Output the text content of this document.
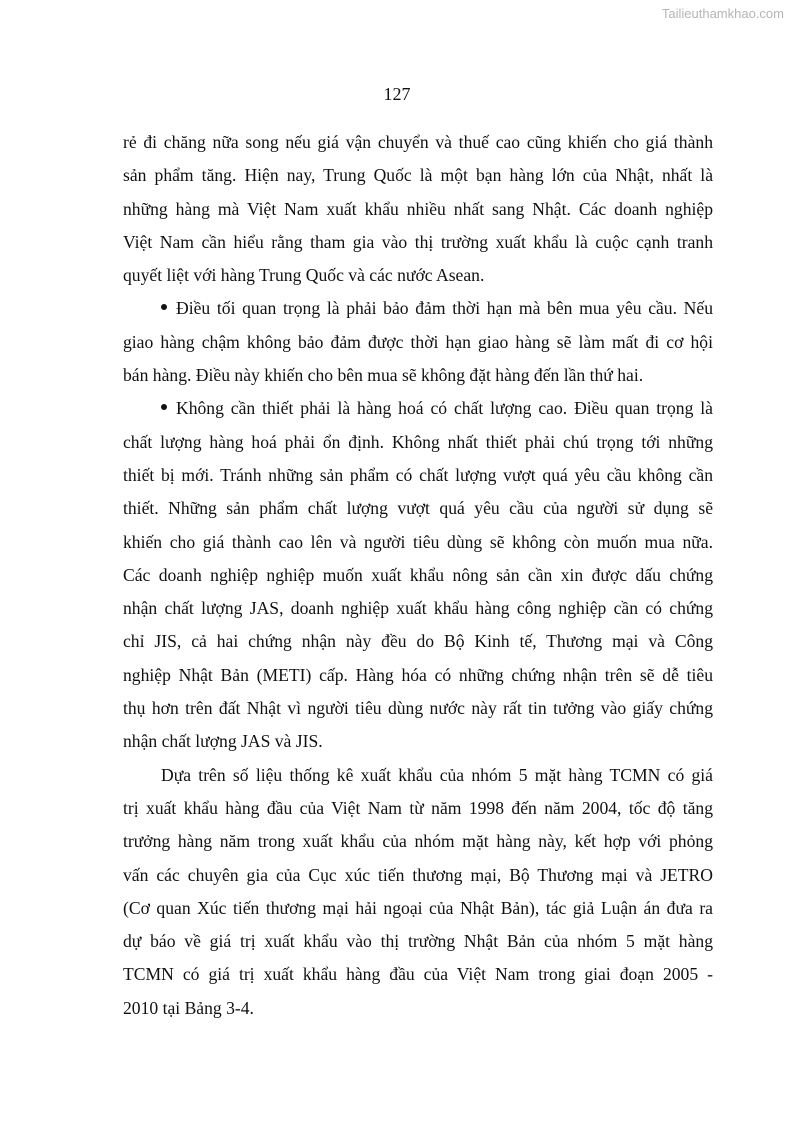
Tailieuthamkhao.com
127
rẻ đi chăng nữa song nếu giá vận chuyển và thuế cao cũng khiến cho giá thành
sản phẩm tăng. Hiện nay, Trung Quốc là một bạn hàng lớn của Nhật, nhất là
những hàng mà Việt Nam xuất khẩu nhiều nhất sang Nhật. Các doanh nghiệp
Việt Nam cần hiểu rằng tham gia vào thị trường xuất khẩu là cuộc cạnh tranh
quyết liệt với hàng Trung Quốc và các nước Asean.
Điều tối quan trọng là phải bảo đảm thời hạn mà bên mua yêu cầu. Nếu
giao hàng chậm không bảo đảm được thời hạn giao hàng sẽ làm mất đi cơ hội
bán hàng. Điều này khiến cho bên mua sẽ không đặt hàng đến lần thứ hai.
Không cần thiết phải là hàng hoá có chất lượng cao. Điều quan trọng là
chất lượng hàng hoá phải ổn định. Không nhất thiết phải chú trọng tới những
thiết bị mới. Tránh những sản phẩm có chất lượng vượt quá yêu cầu không cần
thiết. Những sản phẩm chất lượng vượt quá yêu cầu của người sử dụng sẽ
khiến cho giá thành cao lên và người tiêu dùng sẽ không còn muốn mua nữa.
Các doanh nghiệp nghiệp muốn xuất khẩu nông sản cần xin được dấu chứng
nhận chất lượng JAS, doanh nghiệp xuất khẩu hàng công nghiệp cần có chứng
chỉ JIS, cả hai chứng nhận này đều do Bộ Kinh tế, Thương mại và Công
nghiệp Nhật Bản (METI) cấp. Hàng hóa có những chứng nhận trên sẽ dễ tiêu
thụ hơn trên đất Nhật vì người tiêu dùng nước này rất tin tưởng vào giấy chứng
nhận chất lượng JAS và JIS.
Dựa trên số liệu thống kê xuất khẩu của nhóm 5 mặt hàng TCMN có giá
trị xuất khẩu hàng đầu của Việt Nam từ năm 1998 đến năm 2004, tốc độ tăng
trưởng hàng năm trong xuất khẩu của nhóm mặt hàng này, kết hợp với phỏng
vấn các chuyên gia của Cục xúc tiến thương mại, Bộ Thương mại và JETRO
(Cơ quan Xúc tiến thương mại hải ngoại của Nhật Bản), tác giả Luận án đưa ra
dự báo về giá trị xuất khẩu vào thị trường Nhật Bản của nhóm 5 mặt hàng
TCMN có giá trị xuất khẩu hàng đầu của Việt Nam trong giai đoạn 2005 -
2010 tại Bảng 3-4.
